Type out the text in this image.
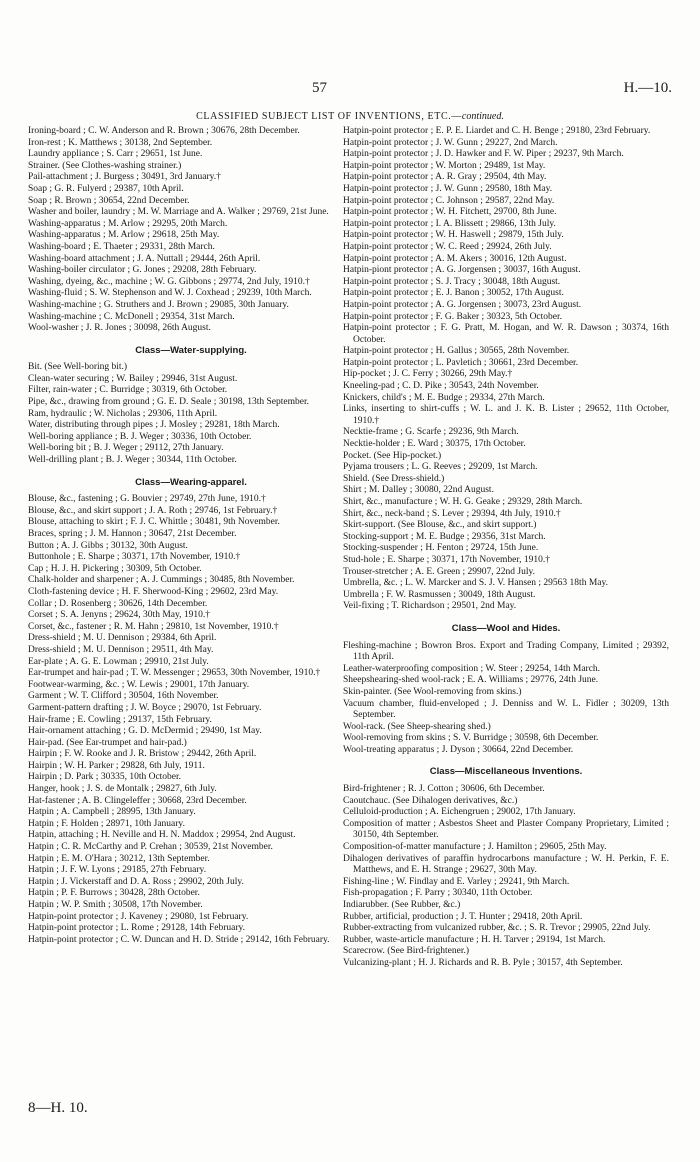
57	H.—10.
CLASSIFIED SUBJECT LIST OF INVENTIONS, ETC.—continued.
Ironing-board ; C. W. Anderson and R. Brown ; 30676, 28th December.
Iron-rest ; K. Matthews ; 30138, 2nd September.
Laundry appliance ; S. Carr ; 29651, 1st June.
Strainer. (See Clothes-washing strainer.)
Pail-attachment ; J. Burgess ; 30491, 3rd January.†
Soap ; G. R. Fulyerd ; 29387, 10th April.
Soap ; R. Brown ; 30654, 22nd December.
Washer and boiler, laundry ; M. W. Marriage and A. Walker ; 29769, 21st June.
Washing-apparatus ; M. Arlow ; 29295, 20th March.
Washing-apparatus ; M. Arlow ; 29618, 25th May.
Washing-board ; E. Thaeter ; 29331, 28th March.
Washing-board attachment ; J. A. Nuttall ; 29444, 26th April.
Washing-boiler circulator ; G. Jones ; 29208, 28th February.
Washing, dyeing, &c., machine ; W. G. Gibbons ; 29774, 2nd July, 1910.†
Washing-fluid ; S. W. Stephenson and W. J. Coxhead ; 29239, 10th March.
Washing-machine ; G. Struthers and J. Brown ; 29085, 30th January.
Washing-machine ; C. McDonell ; 29354, 31st March.
Wool-washer ; J. R. Jones ; 30098, 26th August.
Class—Water-supplying.
Bit. (See Well-boring bit.)
Clean-water securing ; W. Bailey ; 29946, 31st August.
Filter, rain-water ; C. Burridge ; 30319, 6th October.
Pipe, &c., drawing from ground ; G. E. D. Seale ; 30198, 13th September.
Ram, hydraulic ; W. Nicholas ; 29306, 11th April.
Water, distributing through pipes ; J. Mosley ; 29281, 18th March.
Well-boring appliance ; B. J. Weger ; 30336, 10th October.
Well-boring bit ; B. J. Weger ; 29112, 27th January.
Well-drilling plant ; B. J. Weger ; 30344, 11th October.
Class—Wearing-apparel.
Blouse, &c., fastening ; G. Bouvier ; 29749, 27th June, 1910.†
Blouse, &c., and skirt support ; J. A. Roth ; 29746, 1st February.†
Blouse, attaching to skirt ; F. J. C. Whittle ; 30481, 9th November.
Braces, spring ; J. M. Hannon ; 30647, 21st December.
Button ; A. J. Gibbs ; 30132, 30th August.
Buttonhole ; E. Sharpe ; 30371, 17th November, 1910.†
Cap ; H. J. H. Pickering ; 30309, 5th October.
Chalk-holder and sharpener ; A. J. Cummings ; 30485, 8th November.
Cloth-fastening device ; H. F. Sherwood-King ; 29602, 23rd May.
Collar ; D. Rosenberg ; 30626, 14th December.
Corset ; S. A. Jenyns ; 29624, 30th May, 1910.†
Corset, &c., fastener ; R. M. Hahn ; 29810, 1st November, 1910.†
Dress-shield ; M. U. Dennison ; 29384, 6th April.
Dress-shield ; M. U. Dennison ; 29511, 4th May.
Ear-plate ; A. G. E. Lowman ; 29910, 21st July.
Ear-trumpet and hair-pad ; T. W. Messenger ; 29653, 30th November, 1910.†
Footwear-warming, &c. ; W. Lewis ; 29001, 17th January.
Garment ; W. T. Clifford ; 30504, 16th November.
Garment-pattern drafting ; J. W. Boyce ; 29070, 1st February.
Hair-frame ; E. Cowling ; 29137, 15th February.
Hair-ornament attaching ; G. D. McDermid ; 29490, 1st May.
Hair-pad. (See Ear-trumpet and hair-pad.)
Hairpin ; F. W. Rooke and J. R. Bristow ; 29442, 26th April.
Hairpin ; W. H. Parker ; 29828, 6th July, 1911.
Hairpin ; D. Park ; 30335, 10th October.
Hanger, hook ; J. S. de Montalk ; 29827, 6th July.
Hat-fastener ; A. B. Clingeleffer ; 30668, 23rd December.
Hatpin ; A. Campbell ; 28995, 13th January.
Hatpin ; F. Holden ; 28971, 10th January.
Hatpin, attaching ; H. Neville and H. N. Maddox ; 29954, 2nd August.
Hatpin ; C. R. McCarthy and P. Crehan ; 30539, 21st November.
Hatpin ; E. M. O'Hara ; 30212, 13th September.
Hatpin ; J. F. W. Lyons ; 29185, 27th February.
Hatpin ; J. Vickerstaff and D. A. Ross ; 29902, 20th July.
Hatpin ; P. F. Burrows ; 30428, 28th October.
Hatpin ; W. P. Smith ; 30508, 17th November.
Hatpin-point protector ; J. Kaveney ; 29080, 1st February.
Hatpin-point protector ; L. Rome ; 29128, 14th February.
Hatpin-point protector ; C. W. Duncan and H. D. Stride ; 29142, 16th February.
Hatpin-point protector ; E. P. E. Liardet and C. H. Benge ; 29180, 23rd February.
Hatpin-point protector ; J. W. Gunn ; 29227, 2nd March.
Hatpin-point protector ; J. D. Hawker and F. W. Piper ; 29237, 9th March.
Hatpin-point protector ; W. Morton ; 29489, 1st May.
Hatpin-point protector ; A. R. Gray ; 29504, 4th May.
Hatpin-point protector ; J. W. Gunn ; 29580, 18th May.
Hatpin-point protector ; C. Johnson ; 29587, 22nd May.
Hatpin-point protector ; W. H. Fitchett, 29700, 8th June.
Hatpin-point protector ; I. A. Blissett ; 29866, 13th July.
Hatpin-point protector ; W. H. Haswell ; 29879, 15th July.
Hatpin-point protector ; W. C. Reed ; 29924, 26th July.
Hatpin-point protector ; A. M. Akers ; 30016, 12th August.
Hatpin-piont protector ; A. G. Jorgensen ; 30037, 16th August.
Hatpin-point protector ; S. J. Tracy ; 30048, 18th August.
Hatpin-point protector ; E. J. Banon ; 30052, 17th August.
Hatpin-point protector ; A. G. Jorgensen ; 30073, 23rd August.
Hatpin-point protector ; F. G. Baker ; 30323, 5th October.
Hatpin-point protector ; F. G. Pratt, M. Hogan, and W. R. Dawson ; 30374, 16th October.
Hatpin-point protector ; H. Gallus ; 30565, 28th November.
Hatpin-point protector ; L. Pavletich ; 30661, 23rd December.
Hip-pocket ; J. C. Ferry ; 30266, 29th May.†
Kneeling-pad ; C. D. Pike ; 30543, 24th November.
Knickers, child's ; M. E. Budge ; 29334, 27th March.
Links, inserting to shirt-cuffs ; W. L. and J. K. B. Lister ; 29652, 11th October, 1910.†
Necktie-frame ; G. Scarfe ; 29236, 9th March.
Necktie-holder ; E. Ward ; 30375, 17th October.
Pocket. (See Hip-pocket.)
Pyjama trousers ; L. G. Reeves ; 29209, 1st March.
Shield. (See Dress-shield.)
Shirt ; M. Dalley ; 30080, 22nd August.
Shirt, &c., manufacture ; W. H. G. Geake ; 29329, 28th March.
Shirt, &c., neck-band ; S. Lever ; 29394, 4th July, 1910.†
Skirt-support. (See Blouse, &c., and skirt support.)
Stocking-support ; M. E. Budge ; 29356, 31st March.
Stocking-suspender ; H. Fenton ; 29724, 15th June.
Stud-hole ; E. Sharpe ; 30371, 17th November, 1910.†
Trouser-stretcher ; A. E. Green ; 29907, 22nd July.
Umbrella, &c. ; L. W. Marcker and S. J. V. Hansen ; 29563 18th May.
Umbrella ; F. W. Rasmussen ; 30049, 18th August.
Veil-fixing ; T. Richardson ; 29501, 2nd May.
Class—Wool and Hides.
Fleshing-machine ; Bowron Bros. Export and Trading Company, Limited ; 29392, 11th April.
Leather-waterproofing composition ; W. Steer ; 29254, 14th March.
Sheepshearing-shed wool-rack ; E. A. Williams ; 29776, 24th June.
Skin-painter. (See Wool-removing from skins.)
Vacuum chamber, fluid-enveloped ; J. Denniss and W. L. Fidler ; 30209, 13th September.
Wool-rack. (See Sheep-shearing shed.)
Wool-removing from skins ; S. V. Burridge ; 30598, 6th December.
Wool-treating apparatus ; J. Dyson ; 30664, 22nd December.
Class—Miscellaneous Inventions.
Bird-frightener ; R. J. Cotton ; 30606, 6th December.
Caoutchauc. (See Dihalogen derivatives, &c.)
Celluloid-production ; A. Eichengruen ; 29002, 17th January.
Composition of matter ; Asbestos Sheet and Plaster Company Proprietary, Limited ; 30150, 4th September.
Composition-of-matter manufacture ; J. Hamilton ; 29605, 25th May.
Dihalogen derivatives of paraffin hydrocarbons manufacture ; W. H. Perkin, F. E. Matthews, and E. H. Strange ; 29627, 30th May.
Fishing-line ; W. Findlay and E. Varley ; 29241, 9th March.
Fish-propagation ; F. Parry ; 30340, 11th October.
Indiarubber. (See Rubber, &c.)
Rubber, artificial, production ; J. T. Hunter ; 29418, 20th April.
Rubber-extracting from vulcanized rubber, &c. ; S. R. Trevor ; 29905, 22nd July.
Rubber, waste-article manufacture ; H. H. Tarver ; 29194, 1st March.
Scarecrow. (See Bird-frightener.)
Vulcanizing-plant ; H. J. Richards and R. B. Pyle ; 30157, 4th September.
8—H. 10.
